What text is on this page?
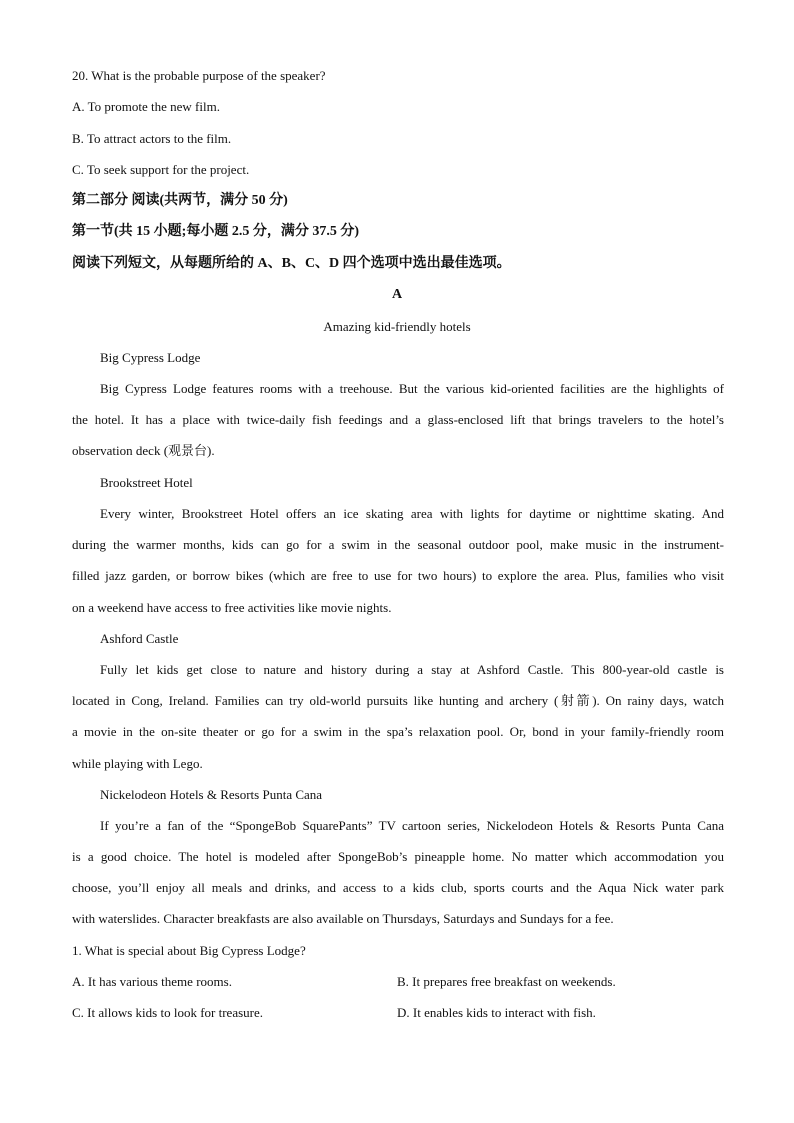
20. What is the probable purpose of the speaker?
A. To promote the new film.
B. To attract actors to the film.
C. To seek support for the project.
第二部分 阅读(共两节，满分 50 分)
第一节(共 15 小题;每小题 2.5 分，满分 37.5 分)
阅读下列短文，从每题所给的 A、B、C、D 四个选项中选出最佳选项。
A
Amazing kid-friendly hotels
Big Cypress Lodge
Big Cypress Lodge features rooms with a treehouse. But the various kid-oriented facilities are the highlights of
the hotel. It has a place with twice-daily fish feedings and a glass-enclosed lift that brings travelers to the hotel’s
observation deck (观景台).
Brookstreet Hotel
Every winter, Brookstreet Hotel offers an ice skating area with lights for daytime or nighttime skating. And
during the warmer months, kids can go for a swim in the seasonal outdoor pool, make music in the instrument-
filled jazz garden, or borrow bikes (which are free to use for two hours) to explore the area. Plus, families who visit
on a weekend have access to free activities like movie nights.
Ashford Castle
Fully let kids get close to nature and history during a stay at Ashford Castle. This 800-year-old castle is
located in Cong, Ireland. Families can try old-world pursuits like hunting and archery (射箭). On rainy days, watch
a movie in the on-site theater or go for a swim in the spa’s relaxation pool. Or, bond in your family-friendly room
while playing with Lego.
Nickelodeon Hotels & Resorts Punta Cana
If you’re a fan of the “SpongeBob SquarePants” TV cartoon series, Nickelodeon Hotels & Resorts Punta Cana
is a good choice. The hotel is modeled after SpongeBob’s pineapple home. No matter which accommodation you
choose, you’ll enjoy all meals and drinks, and access to a kids club, sports courts and the Aqua Nick water park
with waterslides. Character breakfasts are also available on Thursdays, Saturdays and Sundays for a fee.
1. What is special about Big Cypress Lodge?
A. It has various theme rooms.	B. It prepares free breakfast on weekends.
C. It allows kids to look for treasure.	D. It enables kids to interact with fish.
